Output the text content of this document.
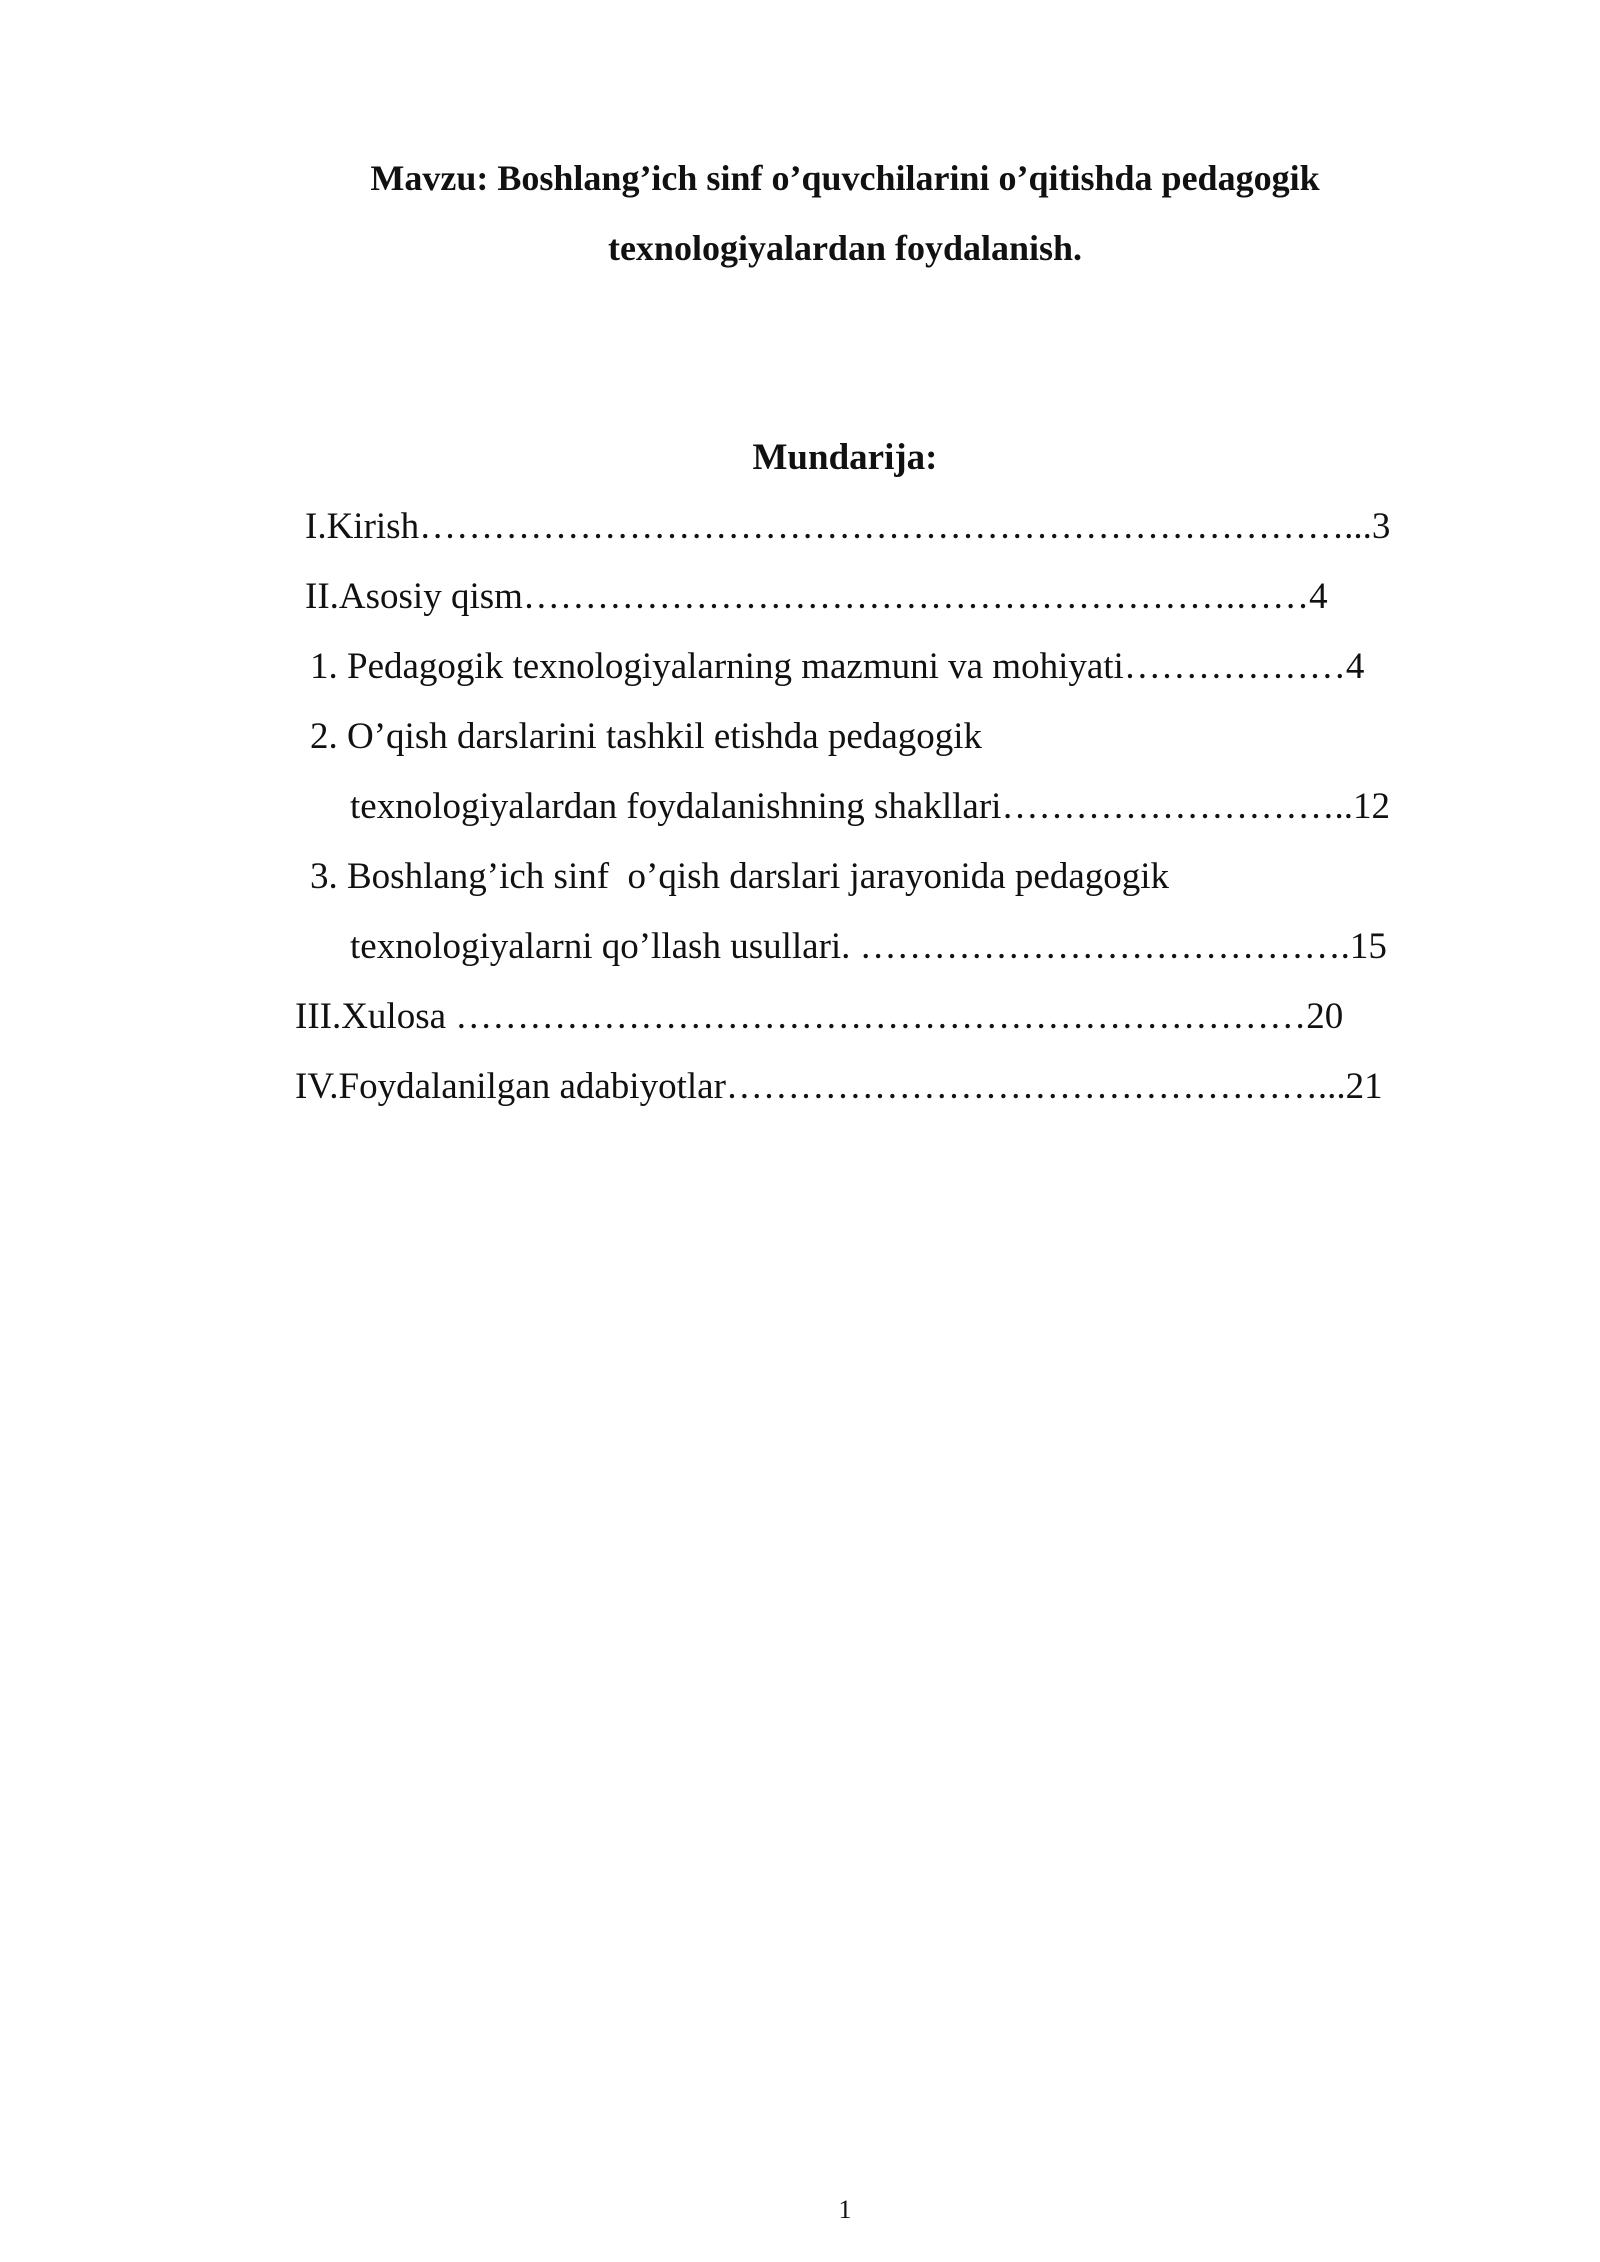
Mavzu: Boshlang’ich sinf o’quvchilarini o’qitishda pedagogik
texnologiyalardan foydalanish.
Mundarija:
I.Kirish…………………………………………………………………...3
II.Asosiy qism………………………………………………….……4
1. Pedagogik texnologiyalarning mazmuni va mohiyati………………4
2. O’qish darslarini tashkil etishda pedagogik
texnologiyalardan foydalanishning shakllari………………………..12
3. Boshlang’ich sinf  o’qish darslari jarayonida pedagogik
texnologiyalarni qo’llash usullari. ………………………………….15
III.Xulosa ……………………………………………………………20
IV.Foydalanilgan adabiyotlar…………………………………………...21
1
